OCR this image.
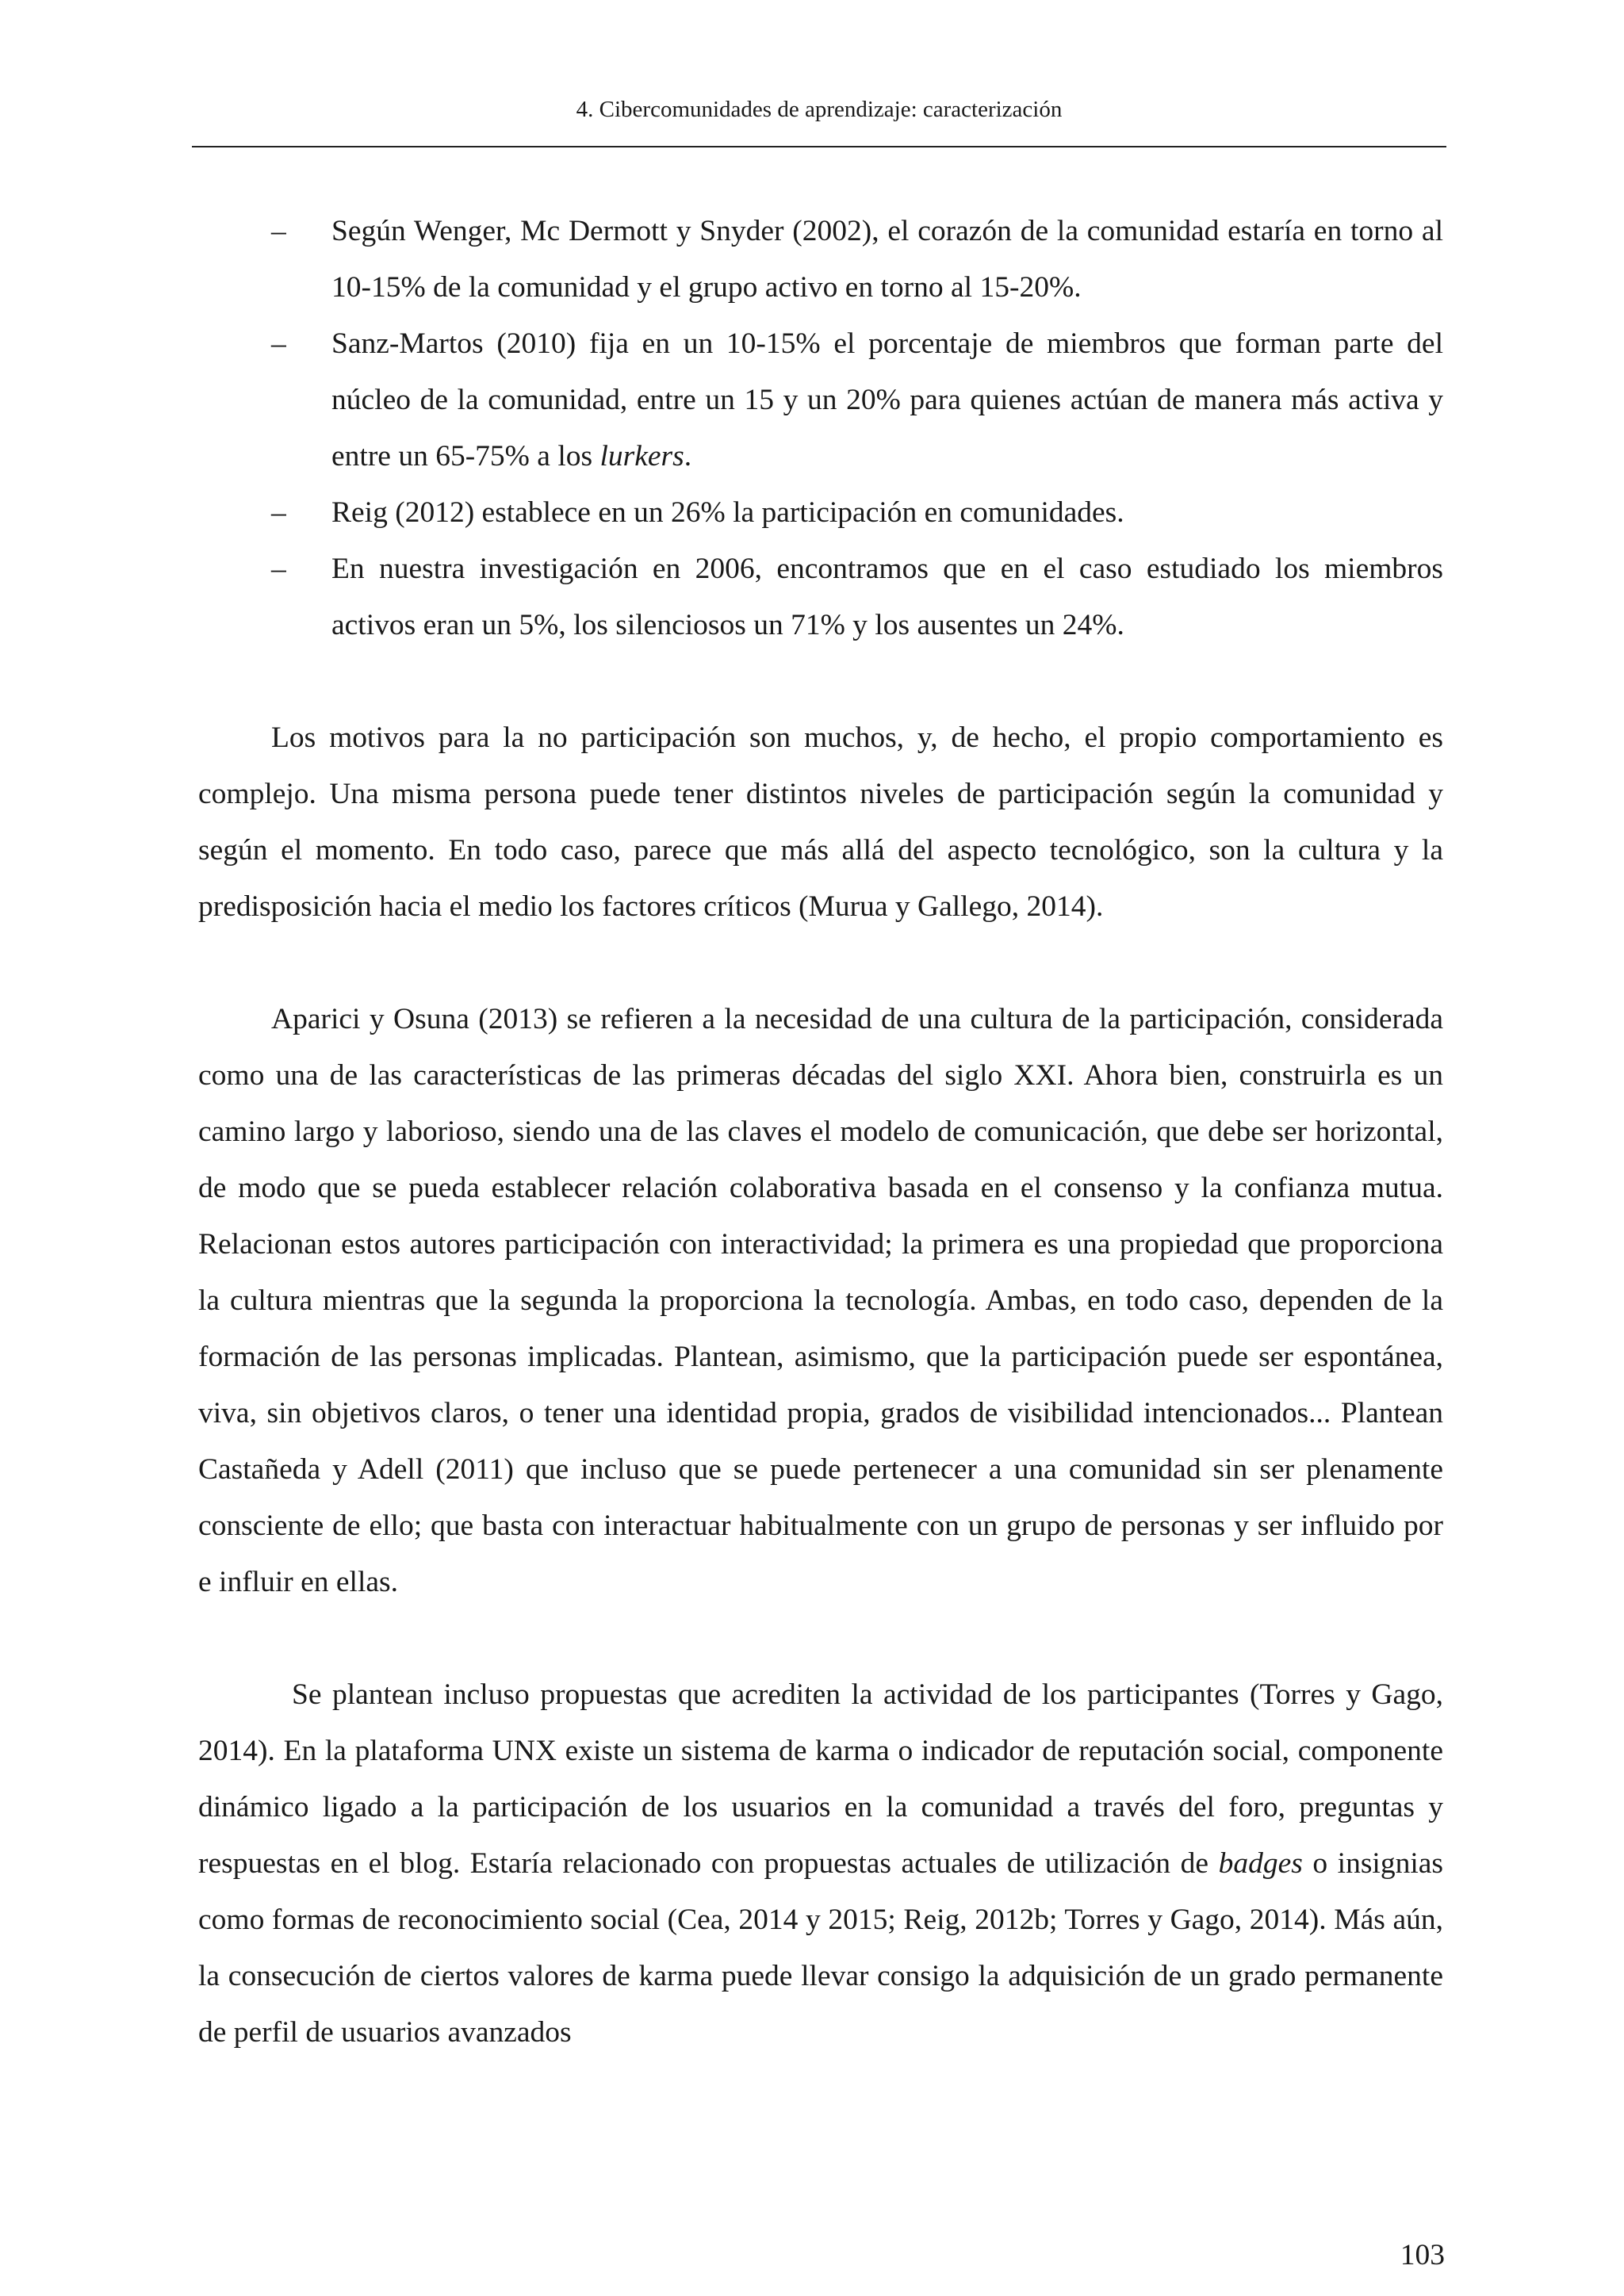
4. Cibercomunidades de aprendizaje: caracterización
– Según Wenger, Mc Dermott y Snyder (2002), el corazón de la comunidad estaría en torno al 10-15% de la comunidad y el grupo activo en torno al 15-20%.
– Sanz-Martos (2010) fija en un 10-15% el porcentaje de miembros que forman parte del núcleo de la comunidad, entre un 15 y un 20% para quienes actúan de manera más activa y entre un 65-75% a los lurkers.
– Reig (2012) establece en un 26% la participación en comunidades.
– En nuestra investigación en 2006, encontramos que en el caso estudiado los miembros activos eran un 5%, los silenciosos un 71% y los ausentes un 24%.

Los motivos para la no participación son muchos, y, de hecho, el propio comportamiento es complejo. Una misma persona puede tener distintos niveles de participación según la comunidad y según el momento. En todo caso, parece que más allá del aspecto tecnológico, son la cultura y la predisposición hacia el medio los factores críticos (Murua y Gallego, 2014).

Aparici y Osuna (2013) se refieren a la necesidad de una cultura de la participación, considerada como una de las características de las primeras décadas del siglo XXI. Ahora bien, construirla es un camino largo y laborioso, siendo una de las claves el modelo de comunicación, que debe ser horizontal, de modo que se pueda establecer relación colaborativa basada en el consenso y la confianza mutua. Relacionan estos autores participación con interactividad; la primera es una propiedad que proporciona la cultura mientras que la segunda la proporciona la tecnología. Ambas, en todo caso, dependen de la formación de las personas implicadas. Plantean, asimismo, que la participación puede ser espontánea, viva, sin objetivos claros, o tener una identidad propia, grados de visibilidad intencionados... Plantean Castañeda y Adell (2011) que incluso que se puede pertenecer a una comunidad sin ser plenamente consciente de ello; que basta con interactuar habitualmente con un grupo de personas y ser influido por e influir en ellas.

Se plantean incluso propuestas que acrediten la actividad de los participantes (Torres y Gago, 2014). En la plataforma UNX existe un sistema de karma o indicador de reputación social, componente dinámico ligado a la participación de los usuarios en la comunidad a través del foro, preguntas y respuestas en el blog. Estaría relacionado con propuestas actuales de utilización de badges o insignias como formas de reconocimiento social (Cea, 2014 y 2015; Reig, 2012b; Torres y Gago, 2014). Más aún, la consecución de ciertos valores de karma puede llevar consigo la adquisición de un grado permanente de perfil de usuarios avanzados

103
